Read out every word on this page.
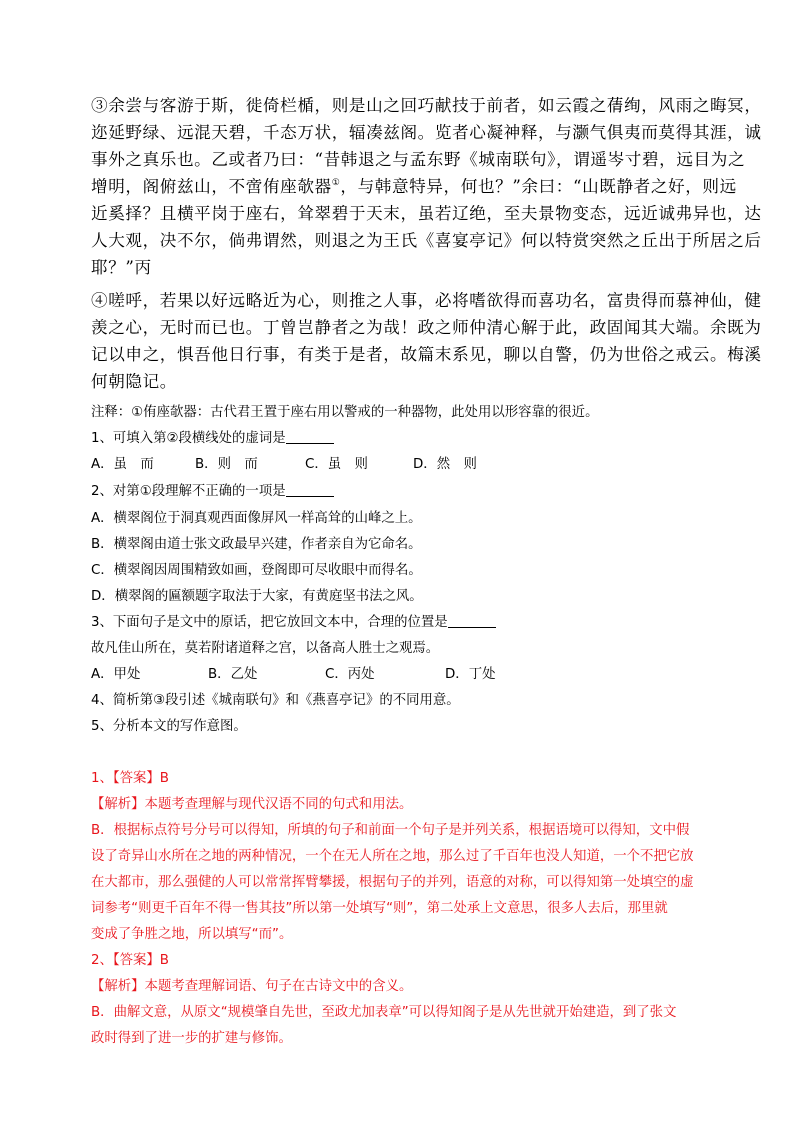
③余尝与客游于斯，徙倚栏楯，则是山之回巧献技于前者，如云霞之蒨绚，风雨之晦冥，
迩延野绿、远混天碧，千态万状，辐凑兹阁。览者心凝神释，与灏气俱夷而莫得其涯，诚
事外之真乐也。乙或者乃曰：“昔韩退之与孟东野《城南联句》，谓遥岑寸碧，远目为之
增明，阁俯兹山，不啻侑座欹器①，与韩意特异，何也？”余曰：“山既静者之好，则远
近奚择？且横平岗于座右，耸翠碧于天末，虽若辽绝，至夫景物变态，远近诚弗异也，达
人大观，决不尔，倘弗谓然，则退之为王氏《喜宴亭记》何以特赏突然之丘出于所居之后
耶？”丙
④嗟呼，若果以好远略近为心，则推之人事，必将嗜欲得而喜功名，富贵得而慕神仙，健
羡之心，无时而已也。丁曾岂静者之为哉！政之师仲清心解于此，政固闻其大端。余既为
记以申之，惧吾他日行事，有类于是者，故篇末系见，聊以自警，仍为世俗之戒云。梅溪
何朝隐记。
注释：①侑座欹器：古代君王置于座右用以警戒的一种器物，此处用以形容靠的很近。
1、可填入第②段横线处的虚词是
A．虽　而	B．则　而	C．虽　则	D．然　则
2、对第①段理解不正确的一项是
A．横翠阁位于洞真观西面像屏风一样高耸的山峰之上。
B．横翠阁由道士张文政最早兴建，作者亲自为它命名。
C．横翠阁因周围精致如画，登阁即可尽收眼中而得名。
D．横翠阁的匾额题字取法于大家，有黄庭坚书法之风。
3、下面句子是文中的原话，把它放回文本中，合理的位置是
故凡佳山所在，莫若附诸道释之宫，以备高人胜士之观焉。
A．甲处	B．乙处	C．丙处	D．丁处
4、简析第③段引述《城南联句》和《燕喜亭记》的不同用意。
5、分析本文的写作意图。
1、【答案】B
【解析】本题考查理解与现代汉语不同的句式和用法。
B．根据标点符号分号可以得知，所填的句子和前面一个句子是并列关系，根据语境可以得知，文中假
设了奇异山水所在之地的两种情况，一个在无人所在之地，那么过了千百年也没人知道，一个不把它放
在大都市，那么强健的人可以常常挥臂攀援，根据句子的并列，语意的对称，可以得知第一处填空的虚
词参考“则更千百年不得一售其技”所以第一处填写“则”，第二处承上文意思，很多人去后，那里就
变成了争胜之地，所以填写“而”。
2、【答案】B
【解析】本题考查理解词语、句子在古诗文中的含义。
B．曲解文意，从原文“规模肇自先世，至政尤加表章”可以得知阁子是从先世就开始建造，到了张文
政时得到了进一步的扩建与修饰。
